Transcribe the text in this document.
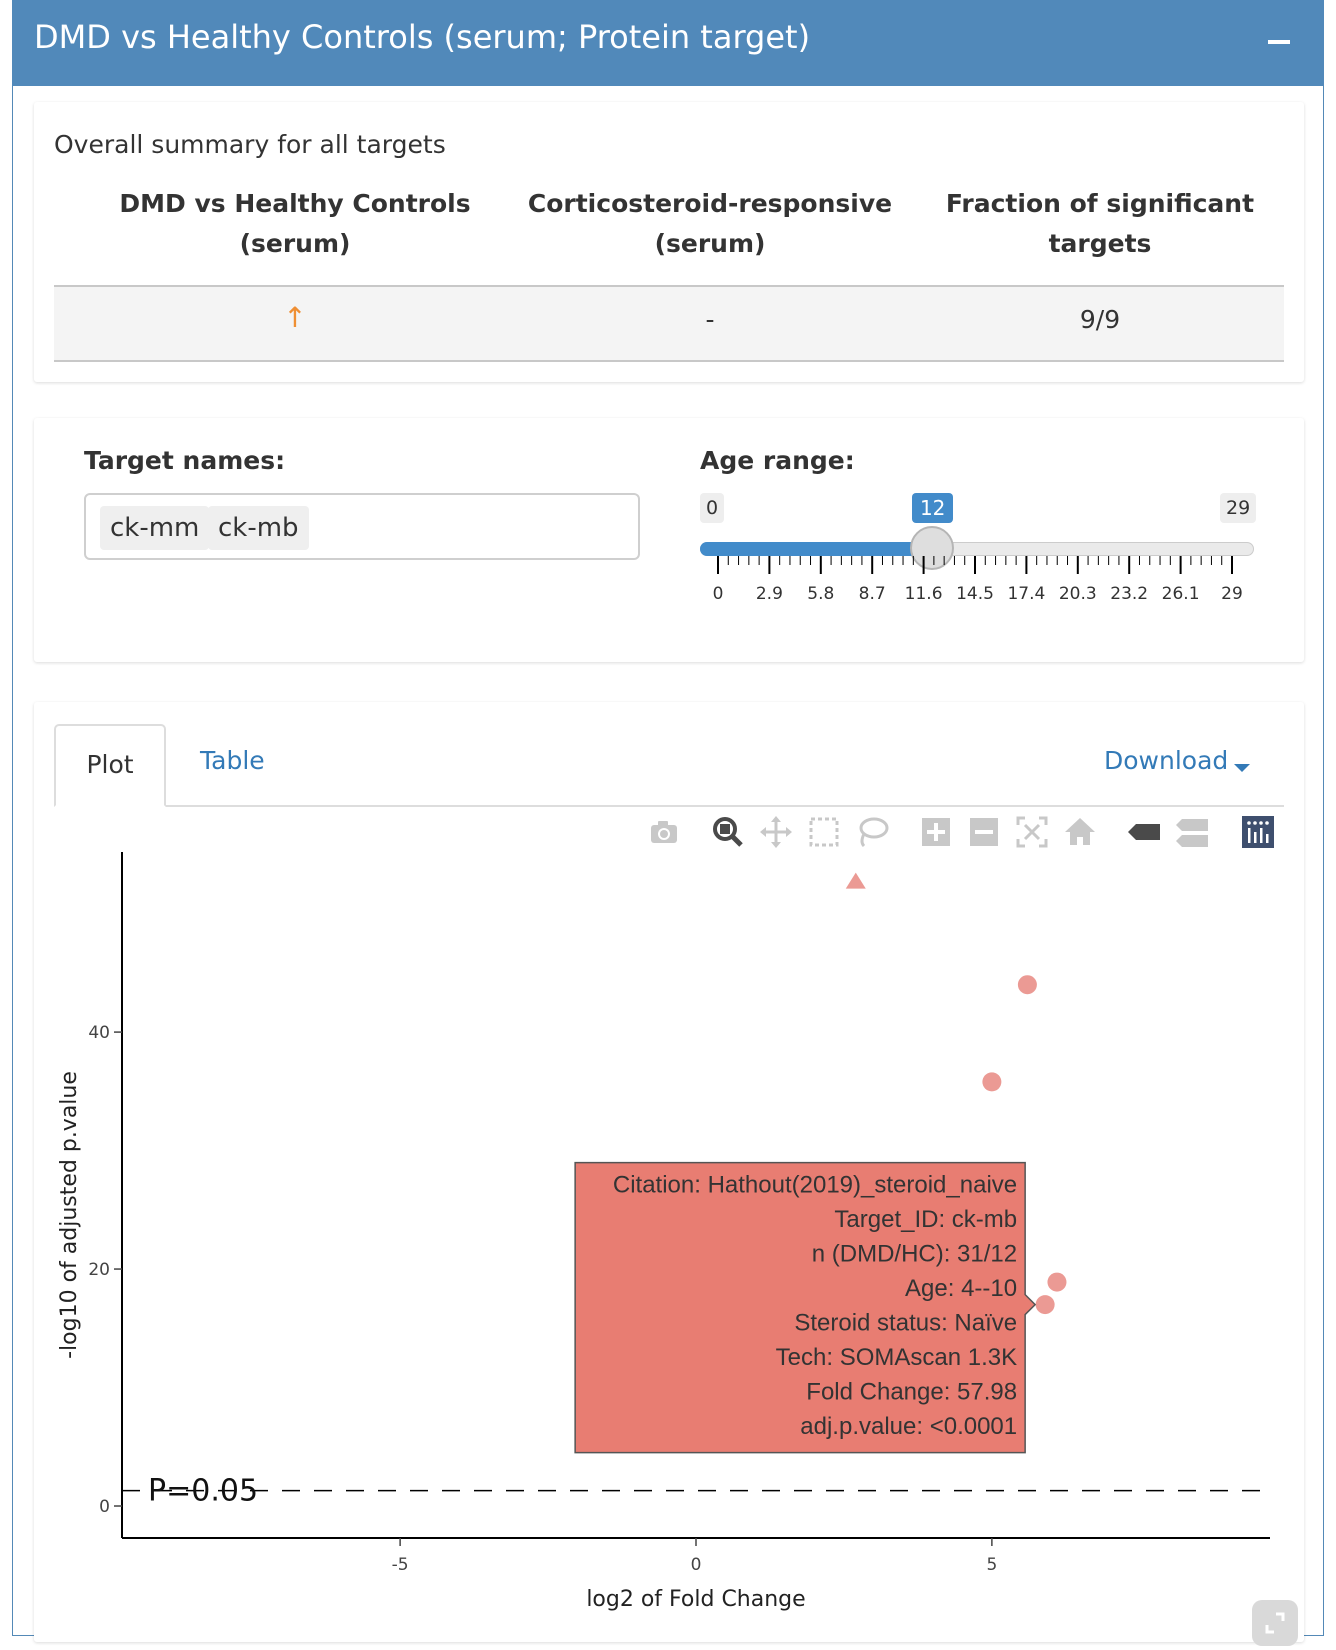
DMD vs Healthy Controls (serum; Protein target)
Overall summary for all targets
DMD vs Healthy Controls
(serum)
Corticosteroid-responsive
(serum)
Fraction of significant
targets
↑	-	9/9
Target names:
ck-mm ck-mb
Age range:
0	29
12
0	2.9	5.8	8.7	11.6 14.5 17.4 20.3 23.2 26.1	29
Plot	Table	Download
-5	0	5
0
20
40
log2 of Fold Change
-log10 of adjusted p.value
P=0.05
Citation: Hathout(2019)_steroid_naive
Target_ID: ck-mb
n (DMD/HC): 31/12
Age: 4--10
Steroid status: Naïve
Tech: SOMAscan 1.3K
Fold Change: 57.98
adj.p.value: <0.0001
